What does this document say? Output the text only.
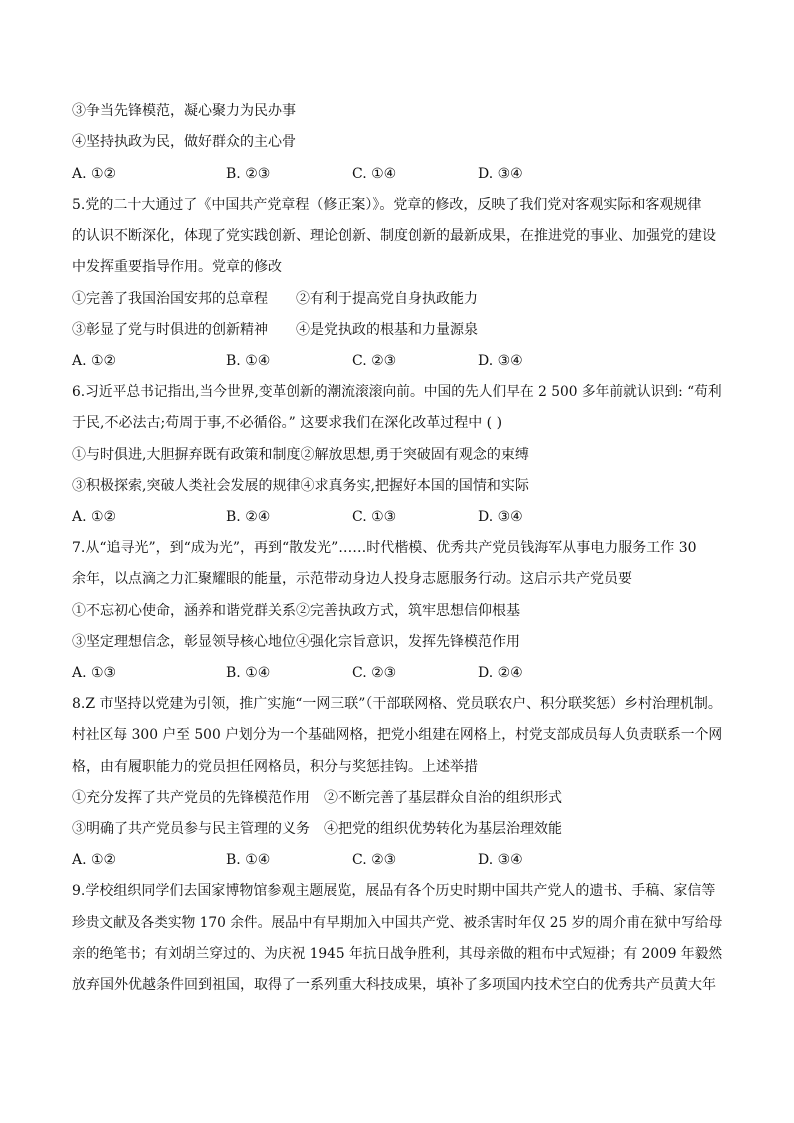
③争当先锋模范，凝心聚力为民办事
④坚持执政为民，做好群众的主心骨
A. ①②	B. ②③	C. ①④	D. ③④
5.党的二十大通过了《中国共产党章程（修正案）》。党章的修改，反映了我们党对客观实际和客观规律
的认识不断深化，体现了党实践创新、理论创新、制度创新的最新成果，在推进党的事业、加强党的建设
中发挥重要指导作用。党章的修改
①完善了我国治国安邦的总章程　　②有利于提高党自身执政能力
③彰显了党与时俱进的创新精神　　④是党执政的根基和力量源泉
A. ①②	B. ①④	C. ②③	D. ③④
6.习近平总书记指出,当今世界,变革创新的潮流滚滚向前。中国的先人们早在 2 500 多年前就认识到: “苟利
于民,不必法古;苟周于事,不必循俗。” 这要求我们在深化改革过程中 ( )
①与时俱进,大胆摒弃既有政策和制度②解放思想,勇于突破固有观念的束缚
③积极探索,突破人类社会发展的规律④求真务实,把握好本国的国情和实际
A. ①②	B. ②④	C. ①③	D. ③④
7.从“追寻光”，到“成为光”，再到“散发光”……时代楷模、优秀共产党员钱海军从事电力服务工作 30
余年，以点滴之力汇聚耀眼的能量，示范带动身边人投身志愿服务行动。这启示共产党员要
①不忘初心使命，涵养和谐党群关系②完善执政方式，筑牢思想信仰根基
③坚定理想信念，彰显领导核心地位④强化宗旨意识，发挥先锋模范作用
A. ①③	B. ①④	C. ②③	D. ②④
8.Z 市坚持以党建为引领，推广实施“一网三联”（干部联网格、党员联农户、积分联奖惩）乡村治理机制。
村社区每 300 户至 500 户划分为一个基础网格，把党小组建在网格上，村党支部成员每人负责联系一个网
格，由有履职能力的党员担任网格员，积分与奖惩挂钩。上述举措
①充分发挥了共产党员的先锋模范作用　②不断完善了基层群众自治的组织形式
③明确了共产党员参与民主管理的义务　④把党的组织优势转化为基层治理效能
A. ①②	B. ①④	C. ②③	D. ③④
9.学校组织同学们去国家博物馆参观主题展览，展品有各个历史时期中国共产党人的遗书、手稿、家信等
珍贵文献及各类实物 170 余件。展品中有早期加入中国共产党、被杀害时年仅 25 岁的周介甫在狱中写给母
亲的绝笔书；有刘胡兰穿过的、为庆祝 1945 年抗日战争胜利，其母亲做的粗布中式短褂；有 2009 年毅然
放弃国外优越条件回到祖国，取得了一系列重大科技成果，填补了多项国内技术空白的优秀共产员黄大年
